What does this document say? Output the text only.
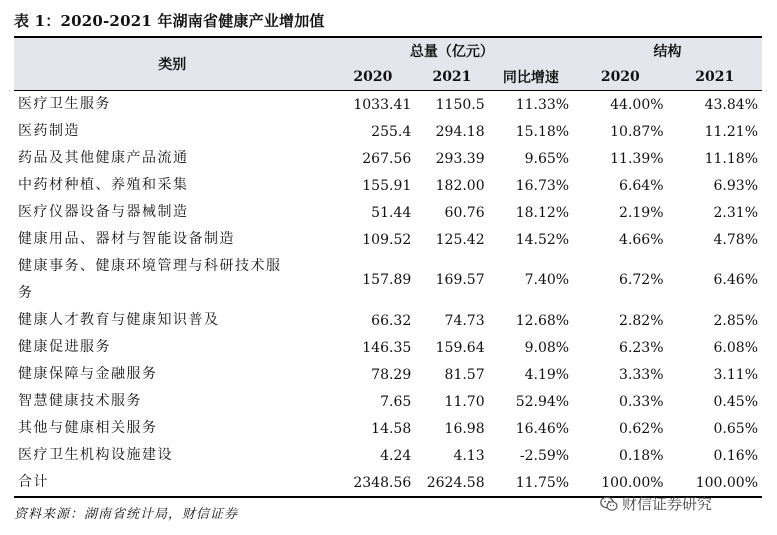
表 1：2020-2021 年湖南省健康产业增加值
类别	总量（亿元）			结构	
	2020	2021	同比增速	2020	2021
医疗卫生服务	1033.41	1150.5	11.33%	44.00%	43.84%
医药制造	255.4	294.18	15.18%	10.87%	11.21%
药品及其他健康产品流通	267.56	293.39	9.65%	11.39%	11.18%
中药材种植、养殖和采集	155.91	182.00	16.73%	6.64%	6.93%
医疗仪器设备与器械制造	51.44	60.76	18.12%	2.19%	2.31%
健康用品、器材与智能设备制造	109.52	125.42	14.52%	4.66%	4.78%
健康事务、健康环境管理与科研技术服务	157.89	169.57	7.40%	6.72%	6.46%
健康人才教育与健康知识普及	66.32	74.73	12.68%	2.82%	2.85%
健康促进服务	146.35	159.64	9.08%	6.23%	6.08%
健康保障与金融服务	78.29	81.57	4.19%	3.33%	3.11%
智慧健康技术服务	7.65	11.70	52.94%	0.33%	0.45%
其他与健康相关服务	14.58	16.98	16.46%	0.62%	0.65%
医疗卫生机构设施建设	4.24	4.13	-2.59%	0.18%	0.16%
合计	2348.56	2624.58	11.75%	100.00%	100.00%
资料来源：湖南省统计局，财信证券
财信证券研究
